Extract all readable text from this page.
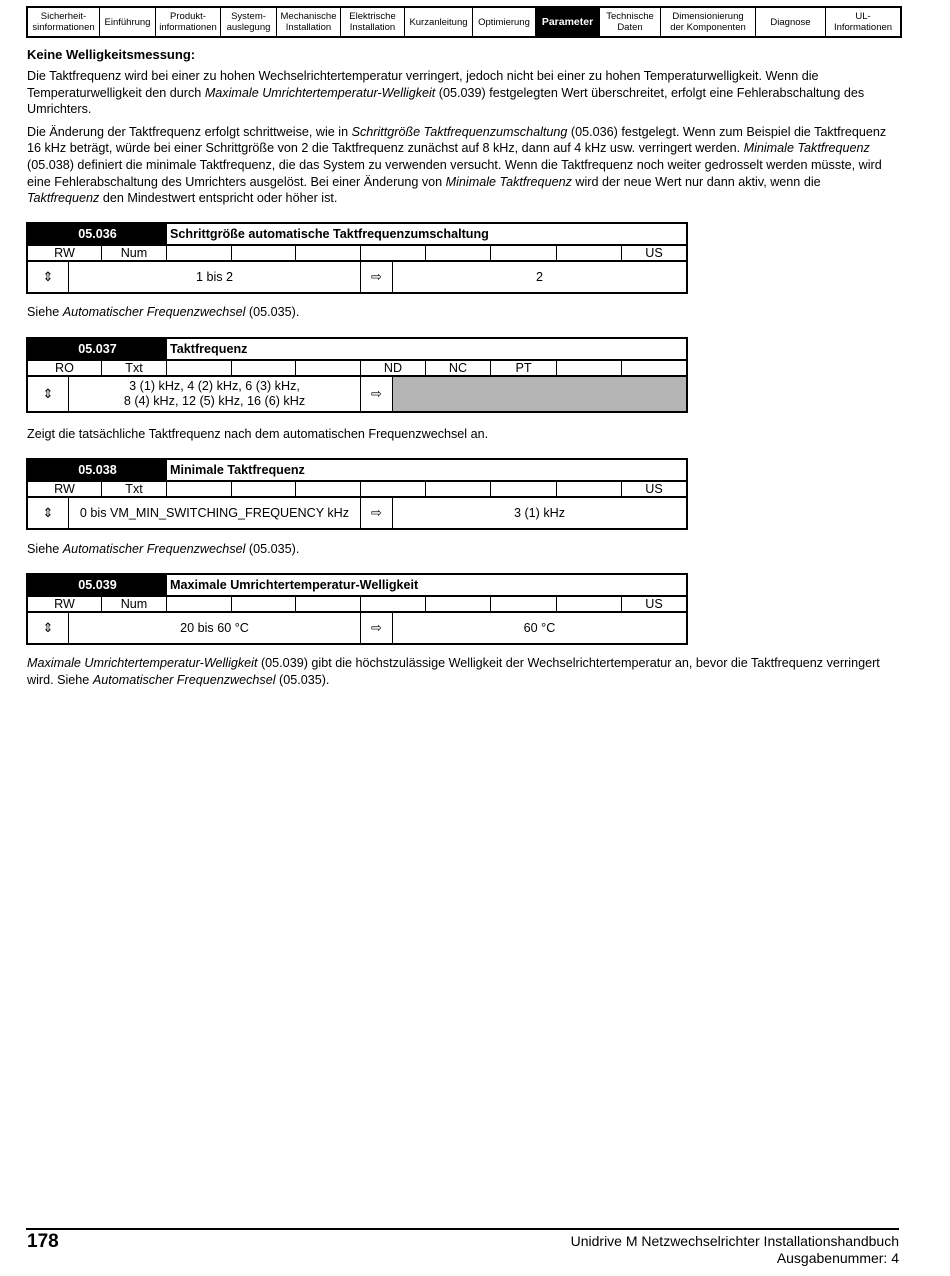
Sicherheit-
sinformationen Einführung Produkt-
informationen
System-
auslegung
Mechanische
Installation
Elektrische
Installation Kurzanleitung Optimierung Parameter Technische
Daten
Dimensionierung
der Komponenten	Diagnose	UL-
Informationen
Keine Welligkeitsmessung:

Die Taktfrequenz wird bei einer zu hohen Wechselrichtertemperatur verringert, jedoch nicht bei einer zu hohen Temperaturwelligkeit. Wenn die Temperaturwelligkeit den durch Maximale Umrichtertemperatur-Welligkeit (05.039) festgelegten Wert überschreitet, erfolgt eine Fehlerabschaltung des Umrichters.

Die Änderung der Taktfrequenz erfolgt schrittweise, wie in Schrittgröße Taktfrequenzumschaltung (05.036) festgelegt. Wenn zum Beispiel die Taktfrequenz 16 kHz beträgt, würde bei einer Schrittgröße von 2 die Taktfrequenz zunächst auf 8 kHz, dann auf 4 kHz usw. verringert werden. Minimale Taktfrequenz (05.038) definiert die minimale Taktfrequenz, die das System zu verwenden versucht. Wenn die Taktfrequenz noch weiter gedrosselt werden müsste, wird eine Fehlerabschaltung des Umrichters ausgelöst. Bei einer Änderung von Minimale Taktfrequenz wird der neue Wert nur dann aktiv, wenn die Taktfrequenz den Mindestwert entspricht oder höher ist.

05.036	Schrittgröße automatische Taktfrequenzumschaltung
RW	Num	US
⇕	1 bis 2	⇨	2

Siehe Automatischer Frequenzwechsel (05.035).

05.037	Taktfrequenz
RO	Txt	ND	NC	PT
⇕	3 (1) kHz, 4 (2) kHz, 6 (3) kHz,
8 (4) kHz, 12 (5) kHz, 16 (6) kHz	⇨

Zeigt die tatsächliche Taktfrequenz nach dem automatischen Frequenzwechsel an.

05.038	Minimale Taktfrequenz
RW	Txt	US
⇕	0 bis VM_MIN_SWITCHING_FREQUENCY kHz	⇨	3 (1) kHz

Siehe Automatischer Frequenzwechsel (05.035).

05.039	Maximale Umrichtertemperatur-Welligkeit
RW	Num	US
⇕	20 bis 60 °C	⇨	60 °C

Maximale Umrichtertemperatur-Welligkeit (05.039) gibt die höchstzulässige Welligkeit der Wechselrichtertemperatur an, bevor die Taktfrequenz verringert wird. Siehe Automatischer Frequenzwechsel (05.035).

178	Unidrive M Netzwechselrichter Installationshandbuch
Ausgabenummer: 4
